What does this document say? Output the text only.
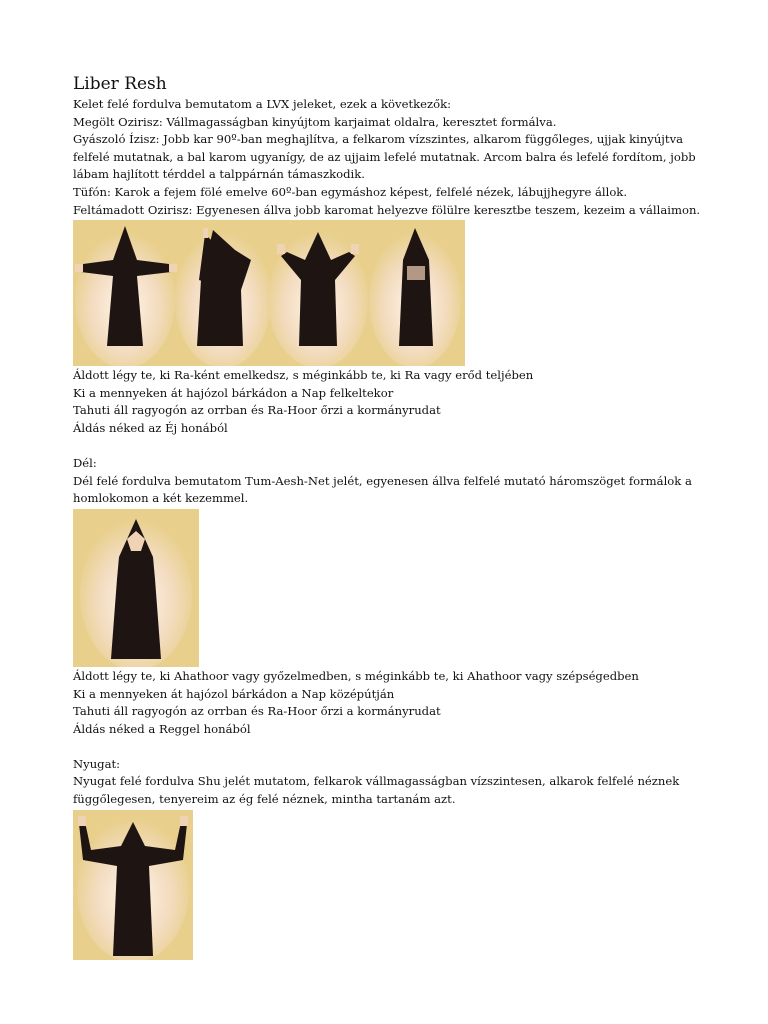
Liber Resh

Kelet felé fordulva bemutatom a LVX jeleket, ezek a következők:

Megölt Ozirisz: Vállmagasságban kinyújtom karjaimat oldalra, keresztet formálva.

Gyászoló Ízisz: Jobb kar 90º-ban meghajlítva, a felkarom vízszintes, alkarom függőleges, ujjak kinyújtva

felfelé mutatnak, a bal karom ugyanígy, de az ujjaim lefelé mutatnak. Arcom balra és lefelé fordítom, jobb

lábam hajlított térddel a talppárnán támaszkodik.

Tüfón: Karok a fejem fölé emelve 60º-ban egymáshoz képest, felfelé nézek, lábujjhegyre állok.

Feltámadott Ozirisz: Egyenesen állva jobb karomat helyezve fölülre keresztbe teszem, kezeim a vállaimon.

Áldott légy te, ki Ra-ként emelkedsz, s méginkább te, ki Ra vagy erőd teljében

Ki a mennyeken át hajózol bárkádon a Nap felkeltekor

Tahuti áll ragyogón az orrban és Ra-Hoor őrzi a kormányrudat

Áldás néked az Éj honából

Dél:

Dél felé fordulva bemutatom Tum-Aesh-Net jelét, egyenesen állva felfelé mutató háromszöget formálok a

homlokomon a két kezemmel.

Áldott légy te, ki Ahathoor vagy győzelmedben, s méginkább te, ki Ahathoor vagy szépségedben

Ki a mennyeken át hajózol bárkádon a Nap középútján

Tahuti áll ragyogón az orrban és Ra-Hoor őrzi a kormányrudat

Áldás néked a Reggel honából

Nyugat:

Nyugat felé fordulva Shu jelét mutatom, felkarok vállmagasságban vízszintesen, alkarok felfelé néznek

függőlegesen, tenyereim az ég felé néznek, mintha tartanám azt.
